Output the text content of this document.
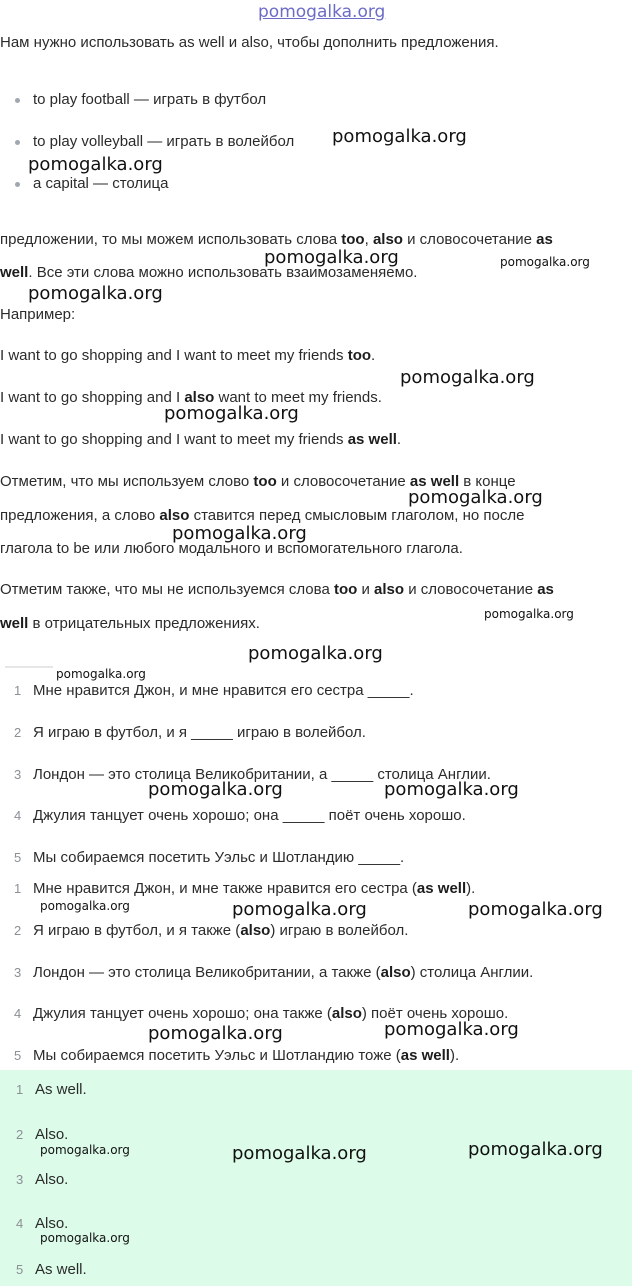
pomogalka.org
Нам нужно использовать as well и also, чтобы дополнить предложения.
to play football — играть в футбол
to play volleyball — играть в волейбол
a capital — столица
предложении, то мы можем использовать слова too, also и словосочетание as
well. Все эти слова можно использовать взаимозаменяемо.
Например:
I want to go shopping and I want to meet my friends too.
I want to go shopping and I also want to meet my friends.
I want to go shopping and I want to meet my friends as well.
Отметим, что мы используем слово too и словосочетание as well в конце
предложения, а слово also ставится перед смысловым глаголом, но после
глагола to be или любого модального и вспомогательного глагола.
Отметим также, что мы не используемся слова too и also и словосочетание as
well в отрицательных предложениях.
1 Мне нравится Джон, и мне нравится его сестра _____.
2 Я играю в футбол, и я _____ играю в волейбол.
3 Лондон — это столица Великобритании, а _____ столица Англии.
4 Джулия танцует очень хорошо; она _____ поёт очень хорошо.
5 Мы собираемся посетить Уэльс и Шотландию _____.
1 Мне нравится Джон, и мне также нравится его сестра (as well).
2 Я играю в футбол, и я также (also) играю в волейбол.
3 Лондон — это столица Великобритании, а также (also) столица Англии.
4 Джулия танцует очень хорошо; она также (also) поёт очень хорошо.
5 Мы собираемся посетить Уэльс и Шотландию тоже (as well).
1 As well.
2 Also.
3 Also.
4 Also.
5 As well.
pomogalka.org
pomogalka.org
pomogalka.org	pomogalka.org
pomogalka.org
pomogalka.org
pomogalka.org
pomogalka.org
pomogalka.org
pomogalka.org
pomogalka.org
pomogalka.org
pomogalka.org	pomogalka.org
pomogalka.org	pomogalka.org	pomogalka.org
pomogalka.org
pomogalka.org
pomogalka.org	pomogalka.org	pomogalka.org
pomogalka.org
